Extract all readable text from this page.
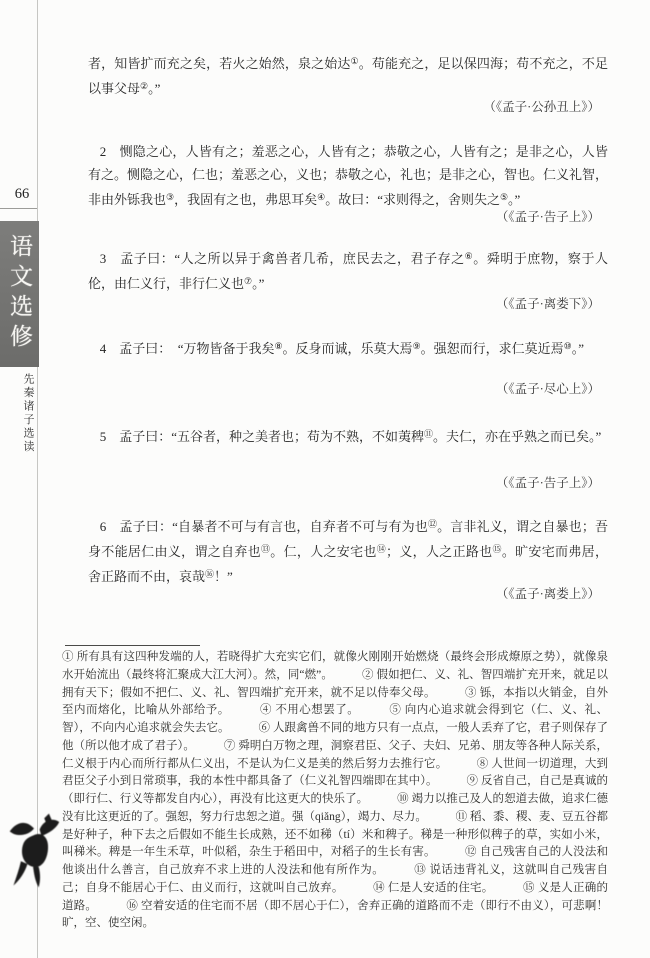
66
语文选修
先秦诸子选读

者，知皆扩而充之矣，若火之始然，泉之始达①。苟能充之，足以保四海；苟不充之，不足以事父母②。”

（《孟子·公孙丑上》）

2　恻隐之心，人皆有之；羞恶之心，人皆有之；恭敬之心，人皆有之；是非之心，人皆有之。恻隐之心，仁也；羞恶之心，义也；恭敬之心，礼也；是非之心，智也。仁义礼智，非由外铄我也③，我固有之也，弗思耳矣④。故曰：“求则得之，舍则失之⑤。”

（《孟子·告子上》）

3　孟子曰：“人之所以异于禽兽者几希，庶民去之，君子存之⑥。舜明于庶物，察于人伦，由仁义行，非行仁义也⑦。”

（《孟子·离娄下》）

4　孟子曰：　“万物皆备于我矣⑧。反身而诚，乐莫大焉⑨。强恕而行，求仁莫近焉⑩。”

（《孟子·尽心上》）

5　孟子曰：“五谷者，种之美者也；苟为不熟，不如荑稗⑪。夫仁，亦在乎熟之而已矣。”

（《孟子·告子上》）

6　孟子曰：“自暴者不可与有言也，自弃者不可与有为也⑫。言非礼义，谓之自暴也；吾身不能居仁由义，谓之自弃也⑬。仁，人之安宅也⑭；义，人之正路也⑮。旷安宅而弗居，舍正路而不由，哀哉⑯！”

（《孟子·离娄上》）

① 所有具有这四种发端的人，若晓得扩大充实它们，就像火刚刚开始燃烧（最终会形成燎原之势），就像泉水开始流出（最终将汇聚成大江大河）。然，同“燃”。　　　	② 假如把仁、义、礼、智四端扩充开来，就足以拥有天下；假如不把仁、义、礼、智四端扩充开来，就不足以侍奉父母。　　　	③ 铄，本指以火销金，自外至内而熔化，比喻从外部给予。　　　	④ 不用心想罢了。　　　	⑤ 向内心追求就会得到它（仁、义、礼、智），不向内心追求就会失去它。　　　	⑥ 人跟禽兽不同的地方只有一点点，一般人丢弃了它，君子则保存了他（所以他才成了君子）。　　　	⑦ 舜明白万物之理，洞察君臣、父子、夫妇、兄弟、朋友等各种人际关系，仁义根于内心而所行都从仁义出，不是认为仁义是美的然后努力去推行它。　　　	⑧ 人世间一切道理，大到君臣父子小到日常琐事，我的本性中都具备了（仁义礼智四端即在其中）。　　　	⑨ 反省自己，自己是真诚的（即行仁、行义等都发自内心），再没有比这更大的快乐了。　　　	⑩ 竭力以推己及人的恕道去做，追求仁德没有比这更近的了。强恕，努力行忠恕之道。强（qiǎng），竭力、尽力。　　　	⑪ 稻、黍、稷、麦、豆五谷都是好种子，种下去之后假如不能生长成熟，还不如稊（tí）米和稗子。稊是一种形似稗子的草，实如小米，叫稊米。稗是一年生禾草，叶似稻，杂生于稻田中，对稻子的生长有害。　　　	⑫ 自己残害自己的人没法和他谈出什么善言，自己放弃不求上进的人没法和他有所作为。　　　	⑬ 说话违背礼义，这就叫自己残害自己；自身不能居心于仁、由义而行，这就叫自己放弃。　　　	⑭ 仁是人安适的住宅。　　　	⑮ 义是人正确的道路。　　　	⑯ 空着安适的住宅而不居（即不居心于仁），舍弃正确的道路而不走（即行不由义），可悲啊！旷，空、使空闲。
